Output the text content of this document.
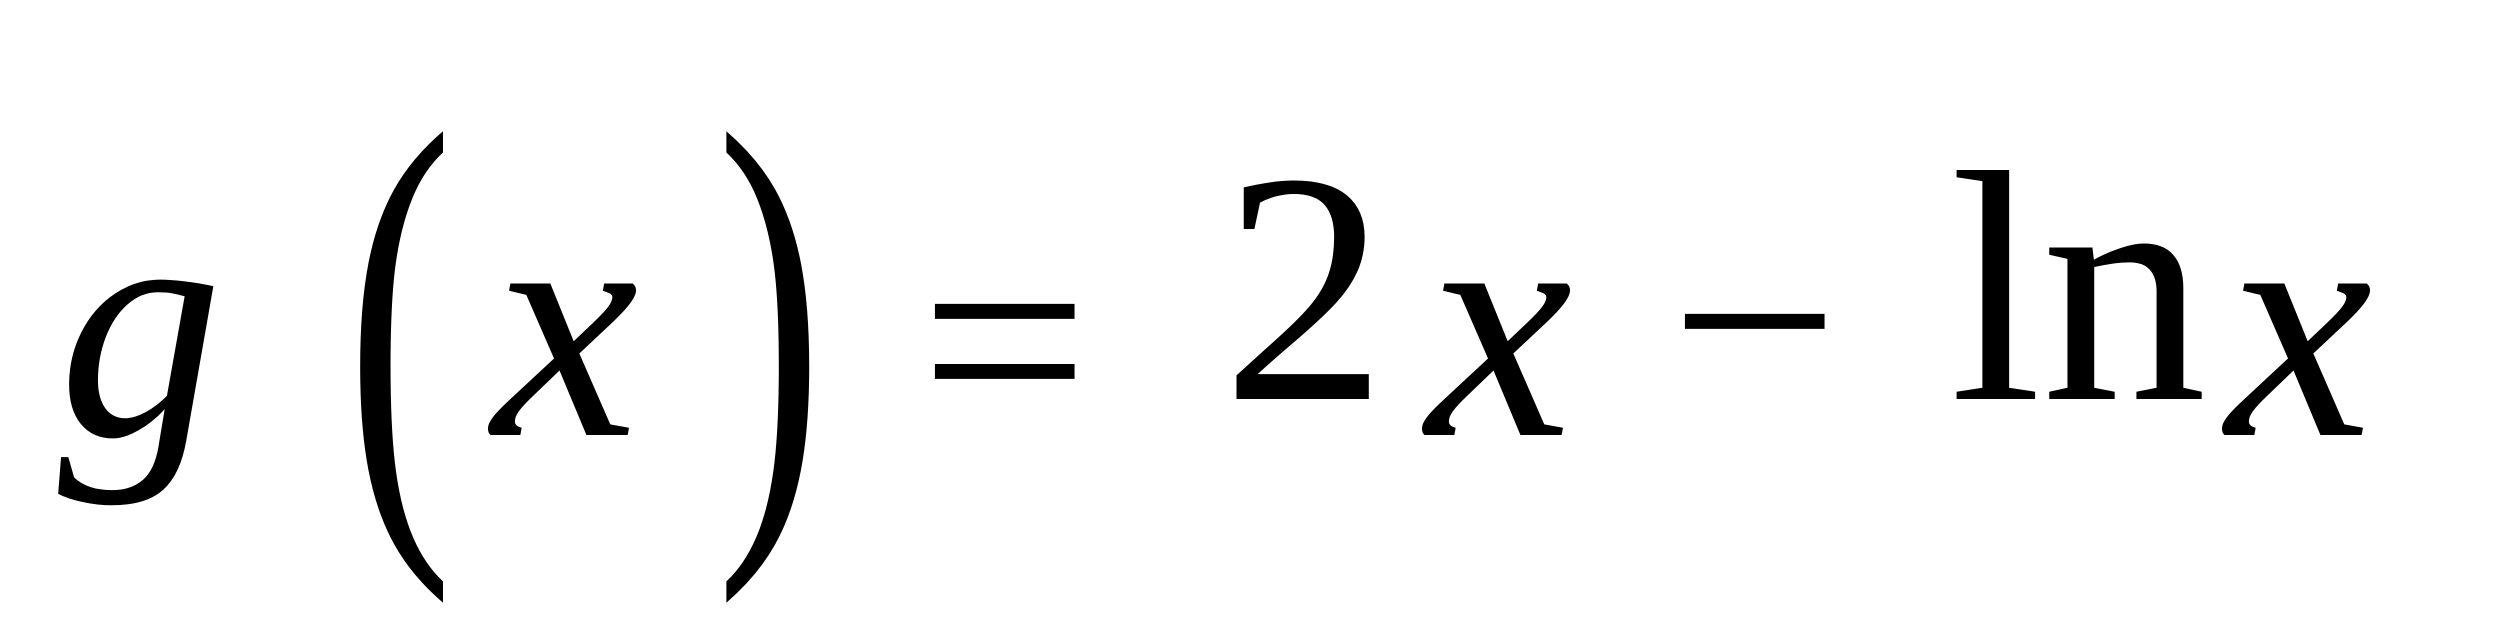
g ( x ) = 2 x − ln x
